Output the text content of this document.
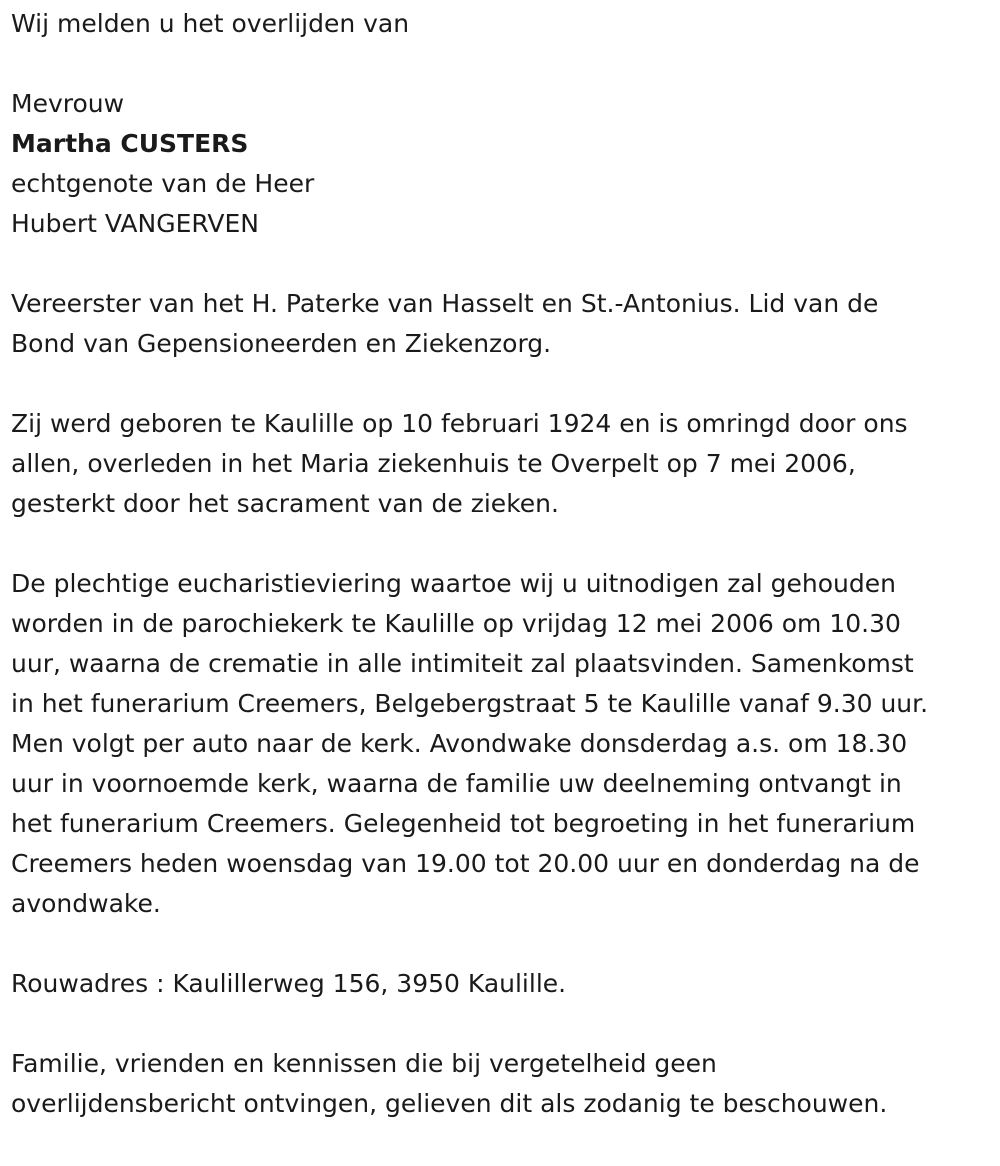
Wij melden u het overlijden van
Mevrouw
Martha CUSTERS
echtgenote van de Heer
Hubert VANGERVEN
Vereerster van het H. Paterke van Hasselt en St.-Antonius. Lid van de
Bond van Gepensioneerden en Ziekenzorg.
Zij werd geboren te Kaulille op 10 februari 1924 en is omringd door ons
allen, overleden in het Maria ziekenhuis te Overpelt op 7 mei 2006,
gesterkt door het sacrament van de zieken.
De plechtige eucharistieviering waartoe wij u uitnodigen zal gehouden
worden in de parochiekerk te Kaulille op vrijdag 12 mei 2006 om 10.30
uur, waarna de crematie in alle intimiteit zal plaatsvinden. Samenkomst
in het funerarium Creemers, Belgebergstraat 5 te Kaulille vanaf 9.30 uur.
Men volgt per auto naar de kerk. Avondwake donsderdag a.s. om 18.30
uur in voornoemde kerk, waarna de familie uw deelneming ontvangt in
het funerarium Creemers. Gelegenheid tot begroeting in het funerarium
Creemers heden woensdag van 19.00 tot 20.00 uur en donderdag na de
avondwake.
Rouwadres : Kaulillerweg 156, 3950 Kaulille.
Familie, vrienden en kennissen die bij vergetelheid geen
overlijdensbericht ontvingen, gelieven dit als zodanig te beschouwen.
